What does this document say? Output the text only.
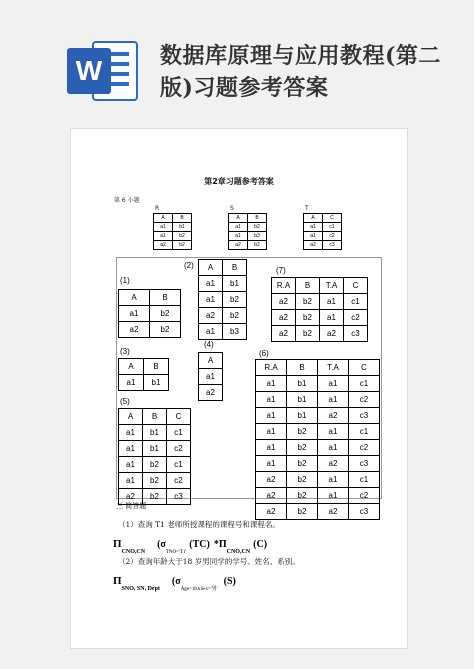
W	数据库原理与应用教程(第二版)习题参考答案
第2章习题参考答案
第 6 小题
R
A	B
a1	b1
a1	b2
a2	b2
S
A	B
a1	b2
a1	b3
a2	b2
T
A	C
a1	c1
a1	c2
a2	c3
(1)
A	B
a1	b2
a2	b2
(2) A	B
a1	b1
a1	b2
a2	b2
a1	b3
(7)
R.A	B	T.A	C
a2	b2	a1	c1
a2	b2	a1	c2
a2	b2	a2	c3
(3)
A	B
a1	b1
(4)
A
a1
a2
(5)
A	B	C
a1	b1	c1
a1	b1	c2
a1	b2	c1
a1	b2	c2
a2	b2	c3
(6)
R.A	B	T.A	C
a1	b1	a1	c1
a1	b1	a1	c2
a1	b1	a2	c3
a1	b2	a1	c1
a1	b2	a1	c2
a1	b2	a2	c3
a2	b2	a1	c1
a2	b2	a1	c2
a2	b2	a2	c3
三 简答题
（1）查询 T1 老师所授课程的课程号和课程名。
$\Pi_{CNO,CN}$ ($\sigma_{TNO='T1'}(TC)$ $*\Pi_{CNO,CN}(C)$
（2）查询年龄大于18 岁男同学的学号、姓名、系别。
$\Pi_{SNO, SN, Dept}$ ($\sigma_{Age>18\wedge Sex='男'}(S)$
